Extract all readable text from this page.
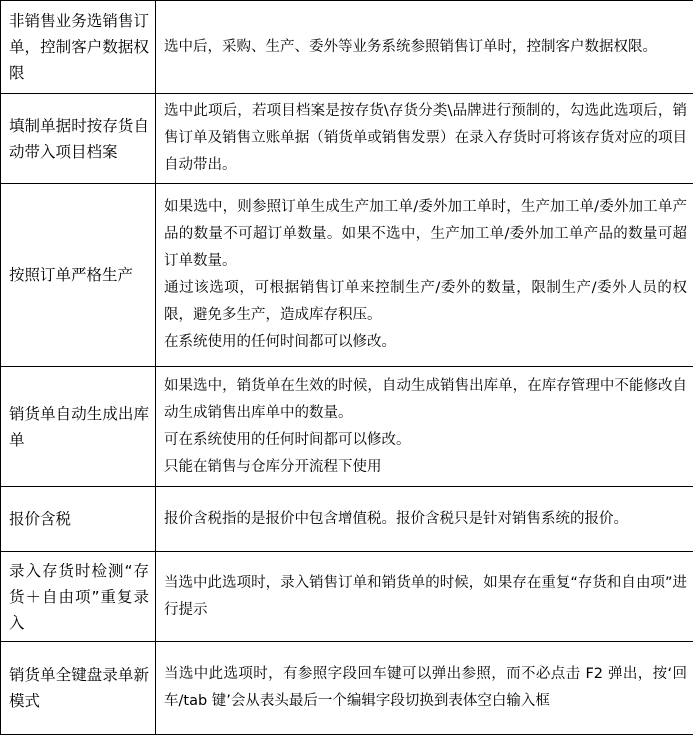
非销售业务选销售订单，控制客户数据权限	选中后，采购、生产、委外等业务系统参照销售订单时，控制客户数据权限。

填制单据时按存货自动带入项目档案	选中此项后，若项目档案是按存货\存货分类\品牌进行预制的，勾选此选项后，销售订单及销售立账单据（销货单或销售发票）在录入存货时可将该存货对应的项目自动带出。

按照订单严格生产	如果选中，则参照订单生成生产加工单/委外加工单时，生产加工单/委外加工单产品的数量不可超订单数量。如果不选中，生产加工单/委外加工单产品的数量可超订单数量。

通过该选项，可根据销售订单来控制生产/委外的数量，限制生产/委外人员的权限，避免多生产，造成库存积压。

在系统使用的任何时间都可以修改。

销货单自动生成出库单	如果选中，销货单在生效的时候，自动生成销售出库单，在库存管理中不能修改自动生成销售出库单中的数量。

可在系统使用的任何时间都可以修改。

只能在销售与仓库分开流程下使用

报价含税	报价含税指的是报价中包含增值税。报价含税只是针对销售系统的报价。

录入存货时检测“存货＋自由项”重复录入	当选中此选项时，录入销售订单和销货单的时候，如果存在重复“存货和自由项”进行提示

销货单全键盘录单新模式	当选中此选项时，有参照字段回车键可以弹出参照，而不必点击 F2 弹出，按‘回车/tab 键’会从表头最后一个编辑字段切换到表体空白输入框
